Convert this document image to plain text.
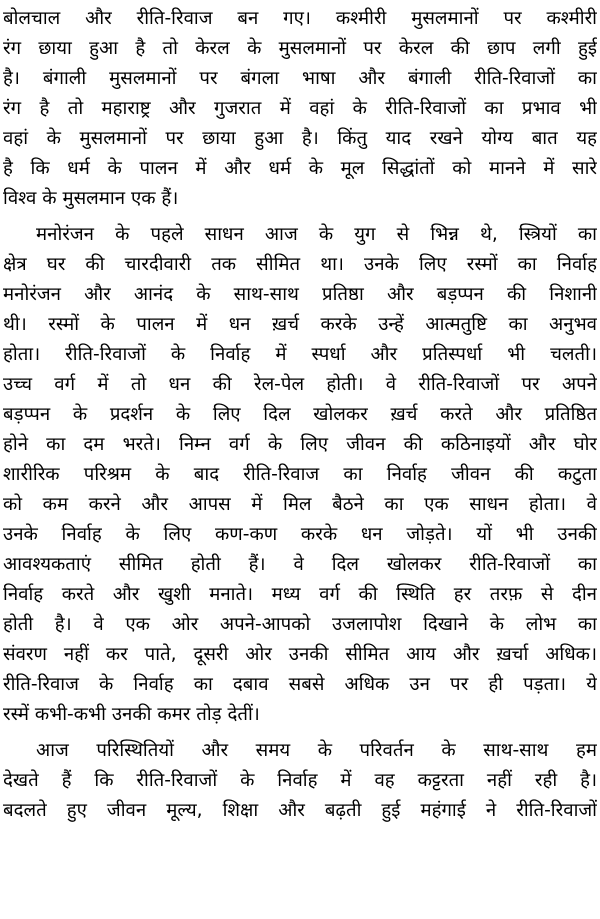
बोलचाल और रीति-रिवाज बन गए। कश्मीरी मुसलमानों पर कश्मीरी
रंग छाया हुआ है तो केरल के मुसलमानों पर केरल की छाप लगी हुई
है। बंगाली मुसलमानों पर बंगला भाषा और बंगाली रीति-रिवाजों का
रंग है तो महाराष्ट्र और गुजरात में वहां के रीति-रिवाजों का प्रभाव भी
वहां के मुसलमानों पर छाया हुआ है। किंतु याद रखने योग्य बात यह
है कि धर्म के पालन में और धर्म के मूल सिद्धांतों को मानने में सारे
विश्व के मुसलमान एक हैं।
मनोरंजन के पहले साधन आज के युग से भिन्न थे, स्त्रियों का
क्षेत्र घर की चारदीवारी तक सीमित था। उनके लिए रस्मों का निर्वाह
मनोरंजन और आनंद के साथ-साथ प्रतिष्ठा और बड़प्पन की निशानी
थी। रस्मों के पालन में धन ख़र्च करके उन्हें आत्मतुष्टि का अनुभव
होता। रीति-रिवाजों के निर्वाह में स्पर्धा और प्रतिस्पर्धा भी चलती।
उच्च वर्ग में तो धन की रेल-पेल होती। वे रीति-रिवाजों पर अपने
बड़प्पन के प्रदर्शन के लिए दिल खोलकर ख़र्च करते और प्रतिष्ठित
होने का दम भरते। निम्न वर्ग के लिए जीवन की कठिनाइयों और घोर
शारीरिक परिश्रम के बाद रीति-रिवाज का निर्वाह जीवन की कटुता
को कम करने और आपस में मिल बैठने का एक साधन होता। वे
उनके निर्वाह के लिए कण-कण करके धन जोड़ते। यों भी उनकी
आवश्यकताएं सीमित होती हैं। वे दिल खोलकर रीति-रिवाजों का
निर्वाह करते और खुशी मनाते। मध्य वर्ग की स्थिति हर तरफ़ से दीन
होती है। वे एक ओर अपने-आपको उजलापोश दिखाने के लोभ का
संवरण नहीं कर पाते, दूसरी ओर उनकी सीमित आय और ख़र्चा अधिक।
रीति-रिवाज के निर्वाह का दबाव सबसे अधिक उन पर ही पड़ता। ये
रस्में कभी-कभी उनकी कमर तोड़ देतीं।
आज परिस्थितियों और समय के परिवर्तन के साथ-साथ हम
देखते हैं कि रीति-रिवाजों के निर्वाह में वह कट्टरता नहीं रही है।
बदलते हुए जीवन मूल्य, शिक्षा और बढ़ती हुई महंगाई ने रीति-रिवाजों
